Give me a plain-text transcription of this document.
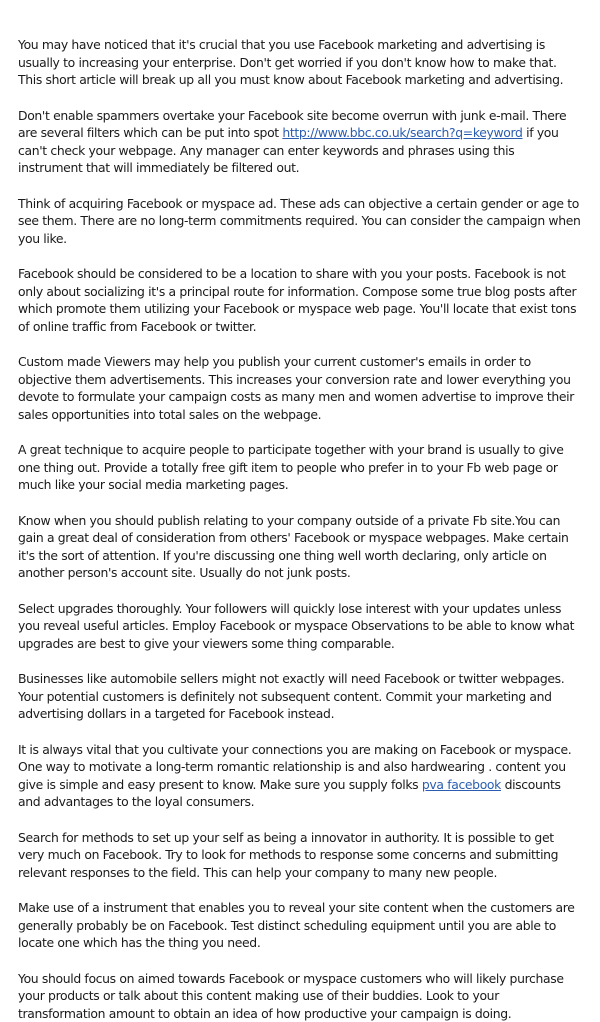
You may have noticed that it's crucial that you use Facebook marketing and advertising is usually to increasing your enterprise. Don't get worried if you don't know how to make that. This short article will break up all you must know about Facebook marketing and advertising.

Don't enable spammers overtake your Facebook site become overrun with junk e-mail. There are several filters which can be put into spot http://www.bbc.co.uk/search?q=keyword if you can't check your webpage. Any manager can enter keywords and phrases using this instrument that will immediately be filtered out.

Think of acquiring Facebook or myspace ad. These ads can objective a certain gender or age to see them. There are no long-term commitments required. You can consider the campaign when you like.

Facebook should be considered to be a location to share with you your posts. Facebook is not only about socializing it's a principal route for information. Compose some true blog posts after which promote them utilizing your Facebook or myspace web page. You'll locate that exist tons of online traffic from Facebook or twitter.

Custom made Viewers may help you publish your current customer's emails in order to objective them advertisements. This increases your conversion rate and lower everything you devote to formulate your campaign costs as many men and women advertise to improve their sales opportunities into total sales on the webpage.

A great technique to acquire people to participate together with your brand is usually to give one thing out. Provide a totally free gift item to people who prefer in to your Fb web page or much like your social media marketing pages.

Know when you should publish relating to your company outside of a private Fb site.You can gain a great deal of consideration from others' Facebook or myspace webpages. Make certain it's the sort of attention. If you're discussing one thing well worth declaring, only article on another person's account site. Usually do not junk posts.

Select upgrades thoroughly. Your followers will quickly lose interest with your updates unless you reveal useful articles. Employ Facebook or myspace Observations to be able to know what upgrades are best to give your viewers some thing comparable.

Businesses like automobile sellers might not exactly will need Facebook or twitter webpages. Your potential customers is definitely not subsequent content. Commit your marketing and advertising dollars in a targeted for Facebook instead.

It is always vital that you cultivate your connections you are making on Facebook or myspace. One way to motivate a long-term romantic relationship is and also hardwearing . content you give is simple and easy present to know. Make sure you supply folks pva facebook discounts and advantages to the loyal consumers.

Search for methods to set up your self as being a innovator in authority. It is possible to get very much on Facebook. Try to look for methods to response some concerns and submitting relevant responses to the field. This can help your company to many new people.

Make use of a instrument that enables you to reveal your site content when the customers are generally probably be on Facebook. Test distinct scheduling equipment until you are able to locate one which has the thing you need.

You should focus on aimed towards Facebook or myspace customers who will likely purchase your products or talk about this content making use of their buddies. Look to your transformation amount to obtain an idea of how productive your campaign is doing.
